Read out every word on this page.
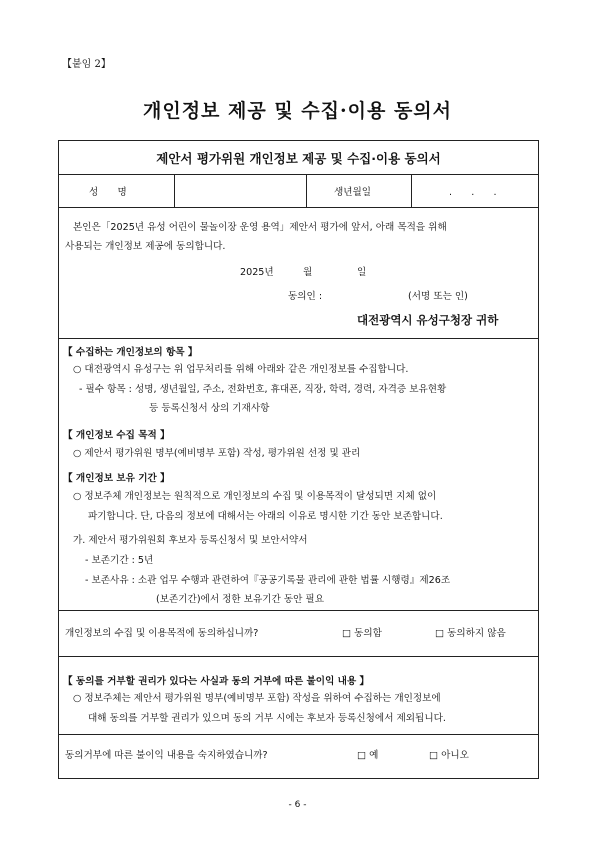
【붙임 2】
개인정보 제공 및 수집·이용 동의서
제안서 평가위원 개인정보 제공 및 수집·이용 동의서
성　　명	생년월일	.　　.　　.
본인은「2025년 유성 어린이 물놀이장 운영 용역」제안서 평가에 앞서, 아래 목적을 위해
사용되는 개인정보 제공에 동의합니다.
2025년	월	일
동의인 :	(서명 또는 인)
대전광역시 유성구청장 귀하
【 수집하는 개인정보의 항목 】
○ 대전광역시 유성구는 위 업무처리를 위해 아래와 같은 개인정보를 수집합니다.
- 필수 항목 : 성명, 생년월일, 주소, 전화번호, 휴대폰, 직장, 학력, 경력, 자격증 보유현황
등 등록신청서 상의 기재사항
【 개인정보 수집 목적 】
○ 제안서 평가위원 명부(예비명부 포함) 작성, 평가위원 선정 및 관리
【 개인정보 보유 기간 】
○ 정보주체 개인정보는 원칙적으로 개인정보의 수집 및 이용목적이 달성되면 지체 없이
파기합니다. 단, 다음의 정보에 대해서는 아래의 이유로 명시한 기간 동안 보존합니다.
가. 제안서 평가위원회 후보자 등록신청서 및 보안서약서
- 보존기간 : 5년
- 보존사유 : 소관 업무 수행과 관련하여『공공기록물 관리에 관한 법률 시행령』제26조
(보존기간)에서 정한 보유기간 동안 필요
개인정보의 수집 및 이용목적에 동의하십니까?	□ 동의함	□ 동의하지 않음
【 동의를 거부할 권리가 있다는 사실과 동의 거부에 따른 불이익 내용 】
○ 정보주체는 제안서 평가위원 명부(예비명부 포함) 작성을 위하여 수집하는 개인정보에
대해 동의를 거부할 권리가 있으며 동의 거부 시에는 후보자 등록신청에서 제외됩니다.
동의거부에 따른 불이익 내용을 숙지하였습니까?	□ 예	□ 아니오
- 6 -
